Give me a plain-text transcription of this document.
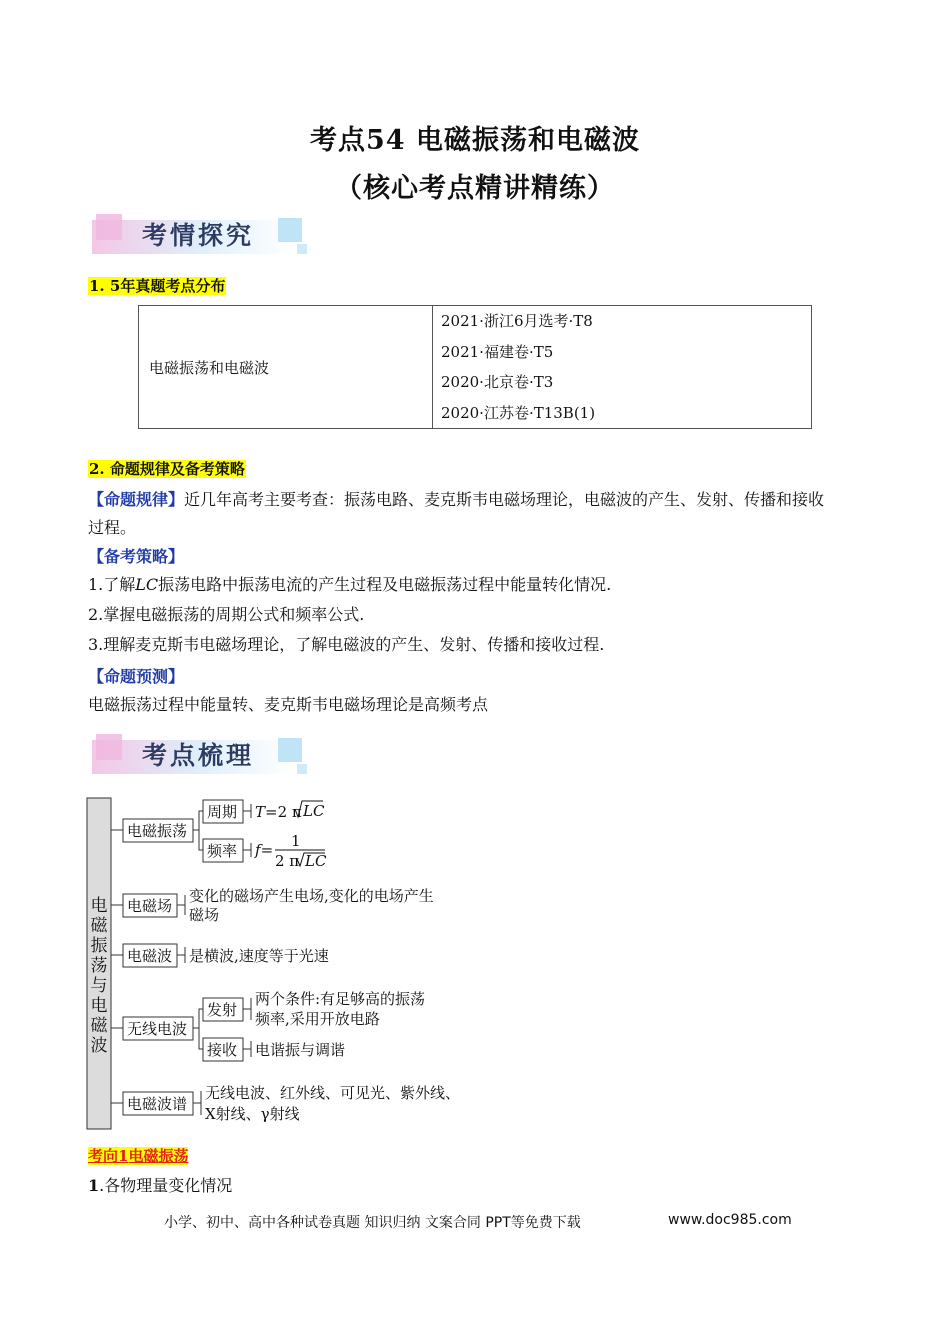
考点54 电磁振荡和电磁波
（核心考点精讲精练）
考情探究
1. 5年真题考点分布
电磁振荡和电磁波	
2021·浙江6月选考·T8
2021·福建卷·T5
2020·北京卷·T3
2020·江苏卷·T13B(1)
2. 命题规律及备考策略
【命题规律】近几年高考主要考查：振荡电路、麦克斯韦电磁场理论，电磁波的产生、发射、传播和接收
过程。
【备考策略】
1.了解LC振荡电路中振荡电流的产生过程及电磁振荡过程中能量转化情况.
2.掌握电磁振荡的周期公式和频率公式.
3.理解麦克斯韦电磁场理论，了解电磁波的产生、发射、传播和接收过程.
【命题预测】
电磁振荡过程中能量转、麦克斯韦电磁场理论是高频考点
考点梳理
电
磁
振
荡
与
电
磁
波
电磁振荡
电磁场
电磁波
无线电波
电磁波谱
周期
频率
T=2 π LC
f= 1
2 π LC
变化的磁场产生电场,变化的电场产生
磁场
是横波,速度等于光速
发射
接收
两个条件:有足够高的振荡
频率,采用开放电路
电谐振与调谐
无线电波、红外线、可见光、紫外线、
X射线、γ射线
考向1电磁振荡
1.各物理量变化情况
小学、初中、高中各种试卷真题 知识归纳 文案合同 PPT等免费下载	www.doc985.com
